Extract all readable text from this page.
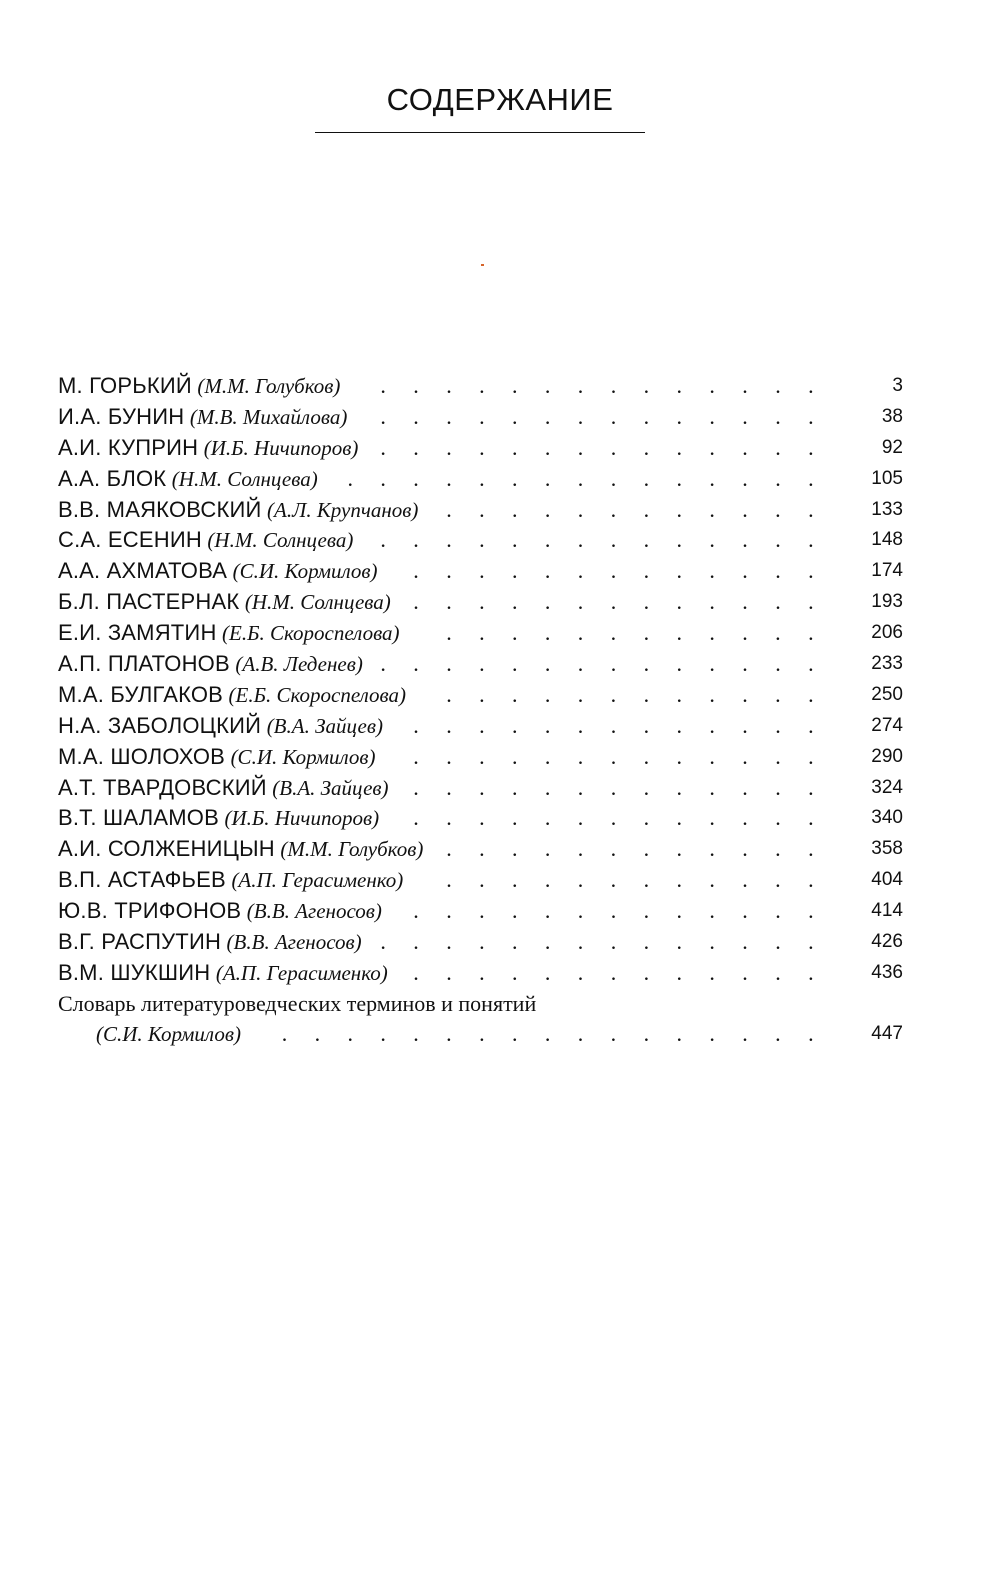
СОДЕРЖАНИЕ
М. ГОРЬКИЙ (М.М. Голубков)	..............	3
И.А. БУНИН (М.В. Михайлова)	.............. 38
А.И. КУПРИН (И.Б. Ничипоров)	.............. 92
А.А. БЛОК (Н.М. Солнцева)	............... 105
В.В. МАЯКОВСКИЙ (А.Л. Крупчанов)	............ 133
С.А. ЕСЕНИН (Н.М. Солнцева)	.............. 148
А.А. АХМАТОВА (С.И. Кормилов)	............. 174
Б.Л. ПАСТЕРНАК (Н.М. Солнцева)	............. 193
Е.И. ЗАМЯТИН (Е.Б. Скороспелова)	............ 206
А.П. ПЛАТОНОВ (А.В. Леденев) .............. 233
М.А. БУЛГАКОВ (Е.Б. Скороспелова)	............ 250
Н.А. ЗАБОЛОЦКИЙ (В.А. Зайцев)	............. 274
М.А. ШОЛОХОВ (С.И. Кормилов)	............. 290
А.Т. ТВАРДОВСКИЙ (В.А. Зайцев)	............. 324
В.Т. ШАЛАМОВ (И.Б. Ничипоров)	............. 340
А.И. СОЛЖЕНИЦЫН (М.М. Голубков)	............ 358
В.П. АСТАФЬЕВ (А.П. Герасименко)	............ 404
Ю.В. ТРИФОНОВ (В.В. Агеносов)	............. 414
В.Г. РАСПУТИН (В.В. Агеносов) .............. 426
В.М. ШУКШИН (А.П. Герасименко)	............. 436
Словарь литературоведческих терминов и понятий
(С.И. Кормилов)	................. 447
